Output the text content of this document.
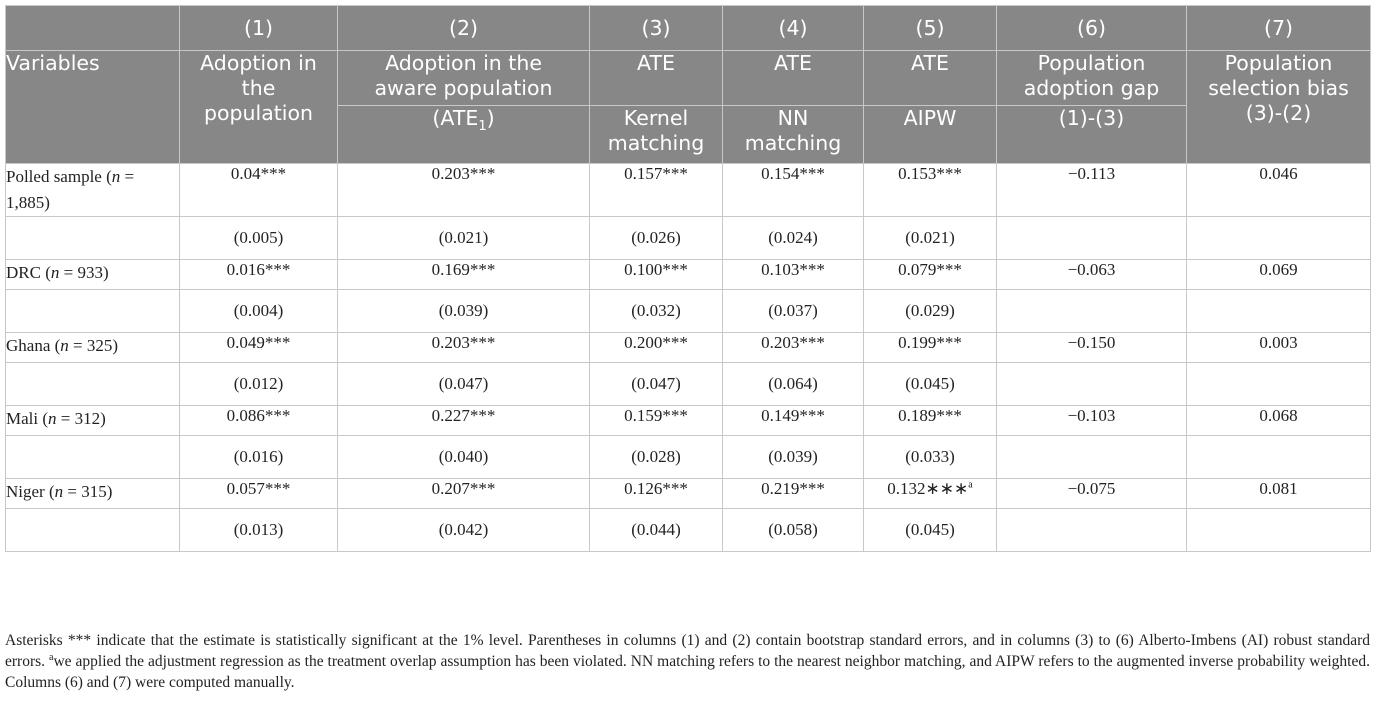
	(1)	(2)	(3)	(4)	(5)	(6)	(7)
Variables	Adoption in the population	Adoption in the aware population	ATE	ATE	ATE	Population adoption gap	Population selection bias (3)-(2)
		$(ATE_1)$	Kernel matching	NN matching	AIPW	(1)-(3)	
Polled sample (n = 1,885)	0.04***	0.203***	0.157***	0.154***	0.153***	−0.113	0.046
	(0.005)	(0.021)	(0.026)	(0.024)	(0.021)		
DRC (n = 933)	0.016***	0.169***	0.100***	0.103***	0.079***	−0.063	0.069
	(0.004)	(0.039)	(0.032)	(0.037)	(0.029)		
Ghana (n = 325)	0.049***	0.203***	0.200***	0.203***	0.199***	−0.150	0.003
	(0.012)	(0.047)	(0.047)	(0.064)	(0.045)		
Mali (n = 312)	0.086***	0.227***	0.159***	0.149***	0.189***	−0.103	0.068
	(0.016)	(0.040)	(0.028)	(0.039)	(0.033)		
Niger (n = 315)	0.057***	0.207***	0.126***	0.219***	0.132∗∗∗$^a$	−0.075	0.081
	(0.013)	(0.042)	(0.044)	(0.058)	(0.045)		
Asterisks *** indicate that the estimate is statistically significant at the 1% level. Parentheses in columns (1) and (2) contain bootstrap standard errors, and in columns (3) to (6) Alberto-Imbens (AI) robust standard errors. $^a$we applied the adjustment regression as the treatment overlap assumption has been violated. NN matching refers to the nearest neighbor matching, and AIPW refers to the augmented inverse probability weighted. Columns (6) and (7) were computed manually.
